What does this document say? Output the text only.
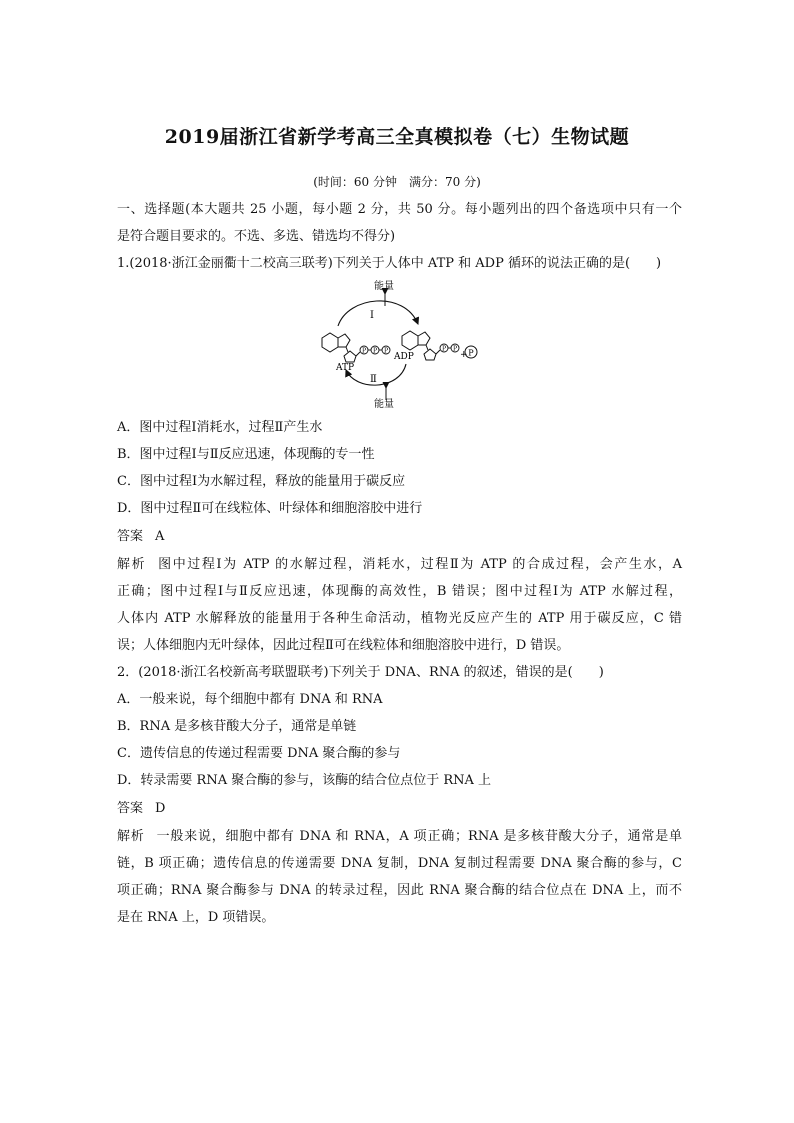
2019届浙江省新学考高三全真模拟卷（七）生物试题
(时间：60 分钟　满分：70 分)
一、选择题(本大题共 25 小题，每小题 2 分，共 50 分。每小题列出的四个备选项中只有一个
是符合题目要求的。不选、多选、错选均不得分)
1.(2018·浙江金丽衢十二校高三联考)下列关于人体中 ATP 和 ADP 循环的说法正确的是(　　)
能量
Ⅰ
能量
Ⅱ
P P P
ATP
P P
ADP	+ P
A．图中过程Ⅰ消耗水，过程Ⅱ产生水
B．图中过程Ⅰ与Ⅱ反应迅速，体现酶的专一性
C．图中过程Ⅰ为水解过程，释放的能量用于碳反应
D．图中过程Ⅱ可在线粒体、叶绿体和细胞溶胶中进行
答案 A
解析 图中过程Ⅰ为 ATP 的水解过程，消耗水，过程Ⅱ为 ATP 的合成过程，会产生水，A
正确；图中过程Ⅰ与Ⅱ反应迅速，体现酶的高效性，B 错误；图中过程Ⅰ为 ATP 水解过程，
人体内 ATP 水解释放的能量用于各种生命活动，植物光反应产生的 ATP 用于碳反应，C 错
误；人体细胞内无叶绿体，因此过程Ⅱ可在线粒体和细胞溶胶中进行，D 错误。
2．(2018·浙江名校新高考联盟联考)下列关于 DNA、RNA 的叙述，错误的是(　　)
A．一般来说，每个细胞中都有 DNA 和 RNA
B．RNA 是多核苷酸大分子，通常是单链
C．遗传信息的传递过程需要 DNA 聚合酶的参与
D．转录需要 RNA 聚合酶的参与，该酶的结合位点位于 RNA 上
答案 D
解析 一般来说，细胞中都有 DNA 和 RNA，A 项正确；RNA 是多核苷酸大分子，通常是单
链，B 项正确；遗传信息的传递需要 DNA 复制，DNA 复制过程需要 DNA 聚合酶的参与，C
项正确；RNA 聚合酶参与 DNA 的转录过程，因此 RNA 聚合酶的结合位点在 DNA 上，而不
是在 RNA 上，D 项错误。
